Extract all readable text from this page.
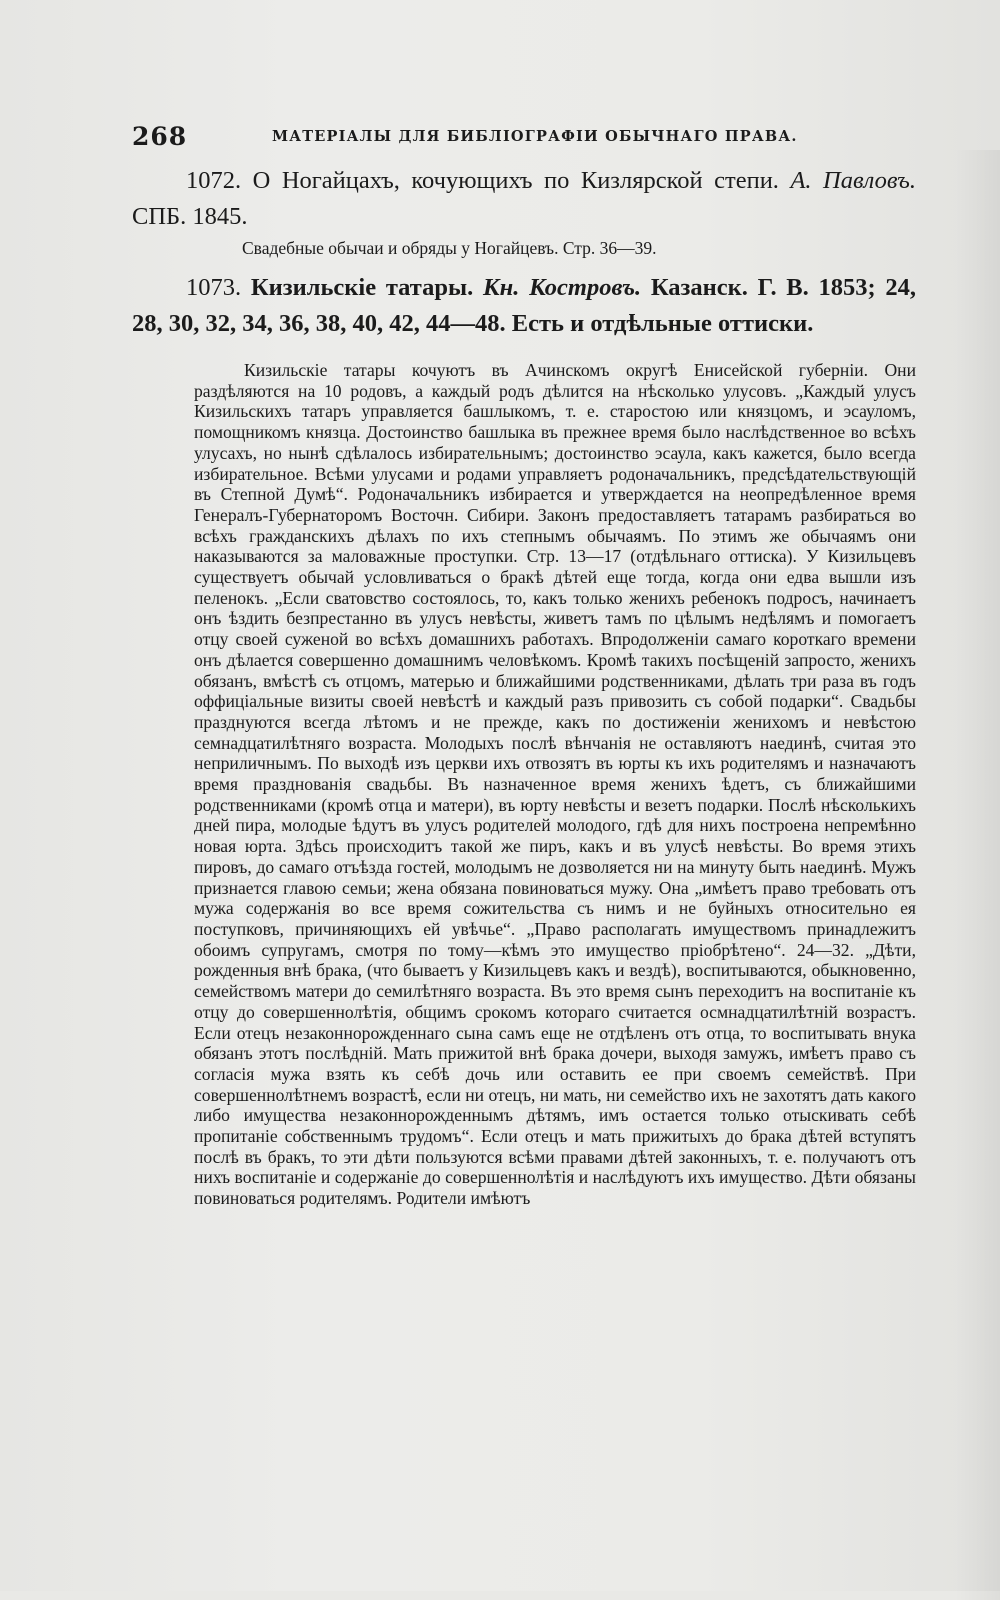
268	МАТЕРІАЛЫ ДЛЯ БИБЛІОГРАФІИ ОБЫЧНАГО ПРАВА.
1072. О Ногайцахъ, кочующихъ по Кизлярской степи. А. Павловъ. СПБ. 1845.
Свадебные обычаи и обряды у Ногайцевъ. Стр. 36—39.
1073. Кизильскіе татары. Кн. Костровъ. Казанск. Г. В. 1853; 24, 28, 30, 32, 34, 36, 38, 40, 42, 44—48. Есть и отдѣльные оттиски.
Кизильскіе татары кочуютъ въ Ачинскомъ округѣ Енисейской губерніи. Они раздѣляются на 10 родовъ, а каждый родъ дѣлится на нѣсколько улусовъ. „Каждый улусъ Кизильскихъ татаръ управляется башлыкомъ, т. е. старостою или князцомъ, и эсауломъ, помощникомъ князца. Достоинство башлыка въ прежнее время было наслѣдственное во всѣхъ улусахъ, но нынѣ сдѣлалось избирательнымъ; достоинство эсаула, какъ кажется, было всегда избирательное. Всѣми улусами и родами управляетъ родоначальникъ, предсѣдательствующій въ Степной Думѣ“. Родоначальникъ избирается и утверждается на неопредѣленное время Генералъ-Губернаторомъ Восточн. Сибири. Законъ предоставляетъ татарамъ разбираться во всѣхъ гражданскихъ дѣлахъ по ихъ степнымъ обычаямъ. По этимъ же обычаямъ они наказываются за маловажные проступки. Стр. 13—17 (отдѣльнаго оттиска). У Кизильцевъ существуетъ обычай условливаться о бракѣ дѣтей еще тогда, когда они едва вышли изъ пеленокъ. „Если сватовство состоялось, то, какъ только женихъ ребенокъ подросъ, начинаетъ онъ ѣздить безпрестанно въ улусъ невѣсты, живетъ тамъ по цѣлымъ недѣлямъ и помогаетъ отцу своей суженой во всѣхъ домашнихъ работахъ. Впродолженіи самаго короткаго времени онъ дѣлается совершенно домашнимъ человѣкомъ. Кромѣ такихъ посѣщеній запросто, женихъ обязанъ, вмѣстѣ съ отцомъ, матерью и ближайшими родственниками, дѣлать три раза въ годъ оффиціальные визиты своей невѣстѣ и каждый разъ привозить съ собой подарки“. Свадьбы празднуются всегда лѣтомъ и не прежде, какъ по достиженіи женихомъ и невѣстою семнадцатилѣтняго возраста. Молодыхъ послѣ вѣнчанія не оставляютъ наединѣ, считая это неприличнымъ. По выходѣ изъ церкви ихъ отвозятъ въ юрты къ ихъ родителямъ и назначаютъ время празднованія свадьбы. Въ назначенное время женихъ ѣдетъ, съ ближайшими родственниками (кромѣ отца и матери), въ юрту невѣсты и везетъ подарки. Послѣ нѣсколькихъ дней пира, молодые ѣдутъ въ улусъ родителей молодого, гдѣ для нихъ построена непремѣнно новая юрта. Здѣсь происходитъ такой же пиръ, какъ и въ улусѣ невѣсты. Во время этихъ пировъ, до самаго отъѣзда гостей, молодымъ не дозволяется ни на минуту быть наединѣ. Мужъ признается главою семьи; жена обязана повиноваться мужу. Она „имѣетъ право требовать отъ мужа содержанія во все время сожительства съ нимъ и не буйныхъ относительно ея поступковъ, причиняющихъ ей увѣчье“. „Право располагать имуществомъ принадлежитъ обоимъ супругамъ, смотря по тому—кѣмъ это имущество пріобрѣтено“. 24—32. „Дѣти, рожденныя внѣ брака, (что бываетъ у Кизильцевъ какъ и вездѣ), воспитываются, обыкновенно, семействомъ матери до семилѣтняго возраста. Въ это время сынъ переходитъ на воспитаніе къ отцу до совершеннолѣтія, общимъ срокомъ котораго считается осмнадцатилѣтній возрастъ. Если отецъ незаконнорожденнаго сына самъ еще не отдѣленъ отъ отца, то воспитывать внука обязанъ этотъ послѣдній. Мать прижитой внѣ брака дочери, выходя замужъ, имѣетъ право съ согласія мужа взять къ себѣ дочь или оставить ее при своемъ семействѣ. При совершеннолѣтнемъ возрастѣ, если ни отецъ, ни мать, ни семейство ихъ не захотятъ дать какого либо имущества незаконнорожденнымъ дѣтямъ, имъ остается только отыскивать себѣ пропитаніе собственнымъ трудомъ“. Если отецъ и мать прижитыхъ до брака дѣтей вступятъ послѣ въ бракъ, то эти дѣти пользуются всѣми правами дѣтей законныхъ, т. е. получаютъ отъ нихъ воспитаніе и содержаніе до совершеннолѣтія и наслѣдуютъ ихъ имущество. Дѣти обязаны повиноваться родителямъ. Родители имѣютъ
